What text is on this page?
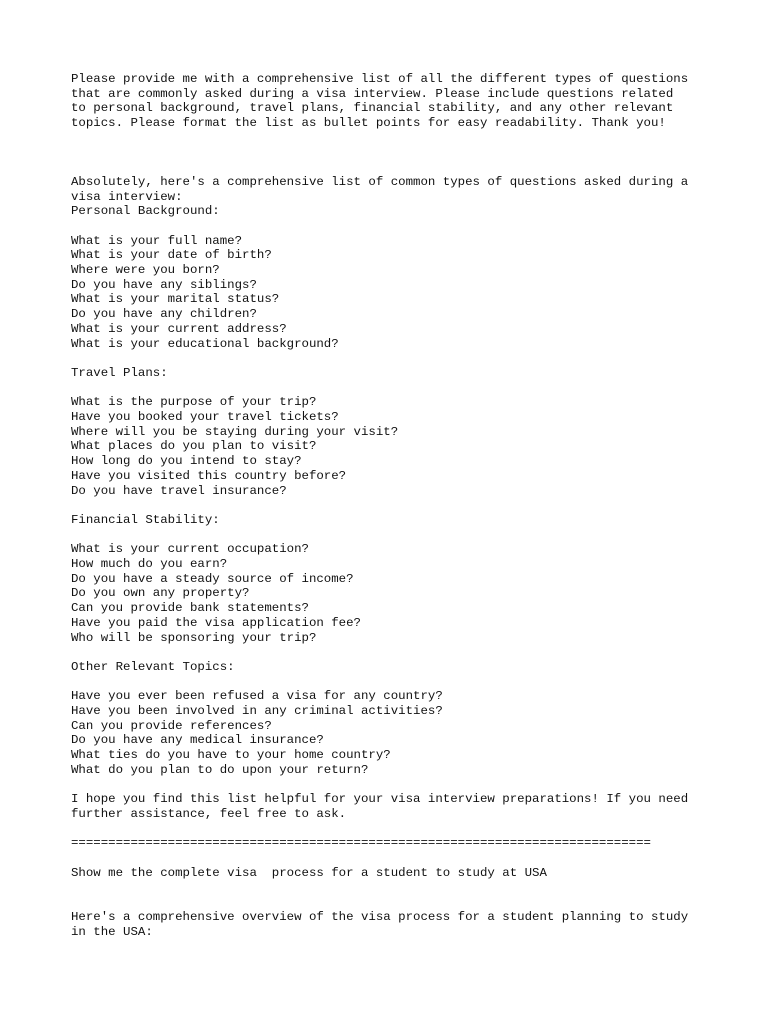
Please provide me with a comprehensive list of all the different types of questions
that are commonly asked during a visa interview. Please include questions related
to personal background, travel plans, financial stability, and any other relevant
topics. Please format the list as bullet points for easy readability. Thank you!
Absolutely, here's a comprehensive list of common types of questions asked during a
visa interview:
Personal Background:
What is your full name?
What is your date of birth?
Where were you born?
Do you have any siblings?
What is your marital status?
Do you have any children?
What is your current address?
What is your educational background?
Travel Plans:
What is the purpose of your trip?
Have you booked your travel tickets?
Where will you be staying during your visit?
What places do you plan to visit?
How long do you intend to stay?
Have you visited this country before?
Do you have travel insurance?
Financial Stability:
What is your current occupation?
How much do you earn?
Do you have a steady source of income?
Do you own any property?
Can you provide bank statements?
Have you paid the visa application fee?
Who will be sponsoring your trip?
Other Relevant Topics:
Have you ever been refused a visa for any country?
Have you been involved in any criminal activities?
Can you provide references?
Do you have any medical insurance?
What ties do you have to your home country?
What do you plan to do upon your return?
I hope you find this list helpful for your visa interview preparations! If you need
further assistance, feel free to ask.
==============================================================================
Show me the complete visa  process for a student to study at USA
Here's a comprehensive overview of the visa process for a student planning to study
in the USA:
